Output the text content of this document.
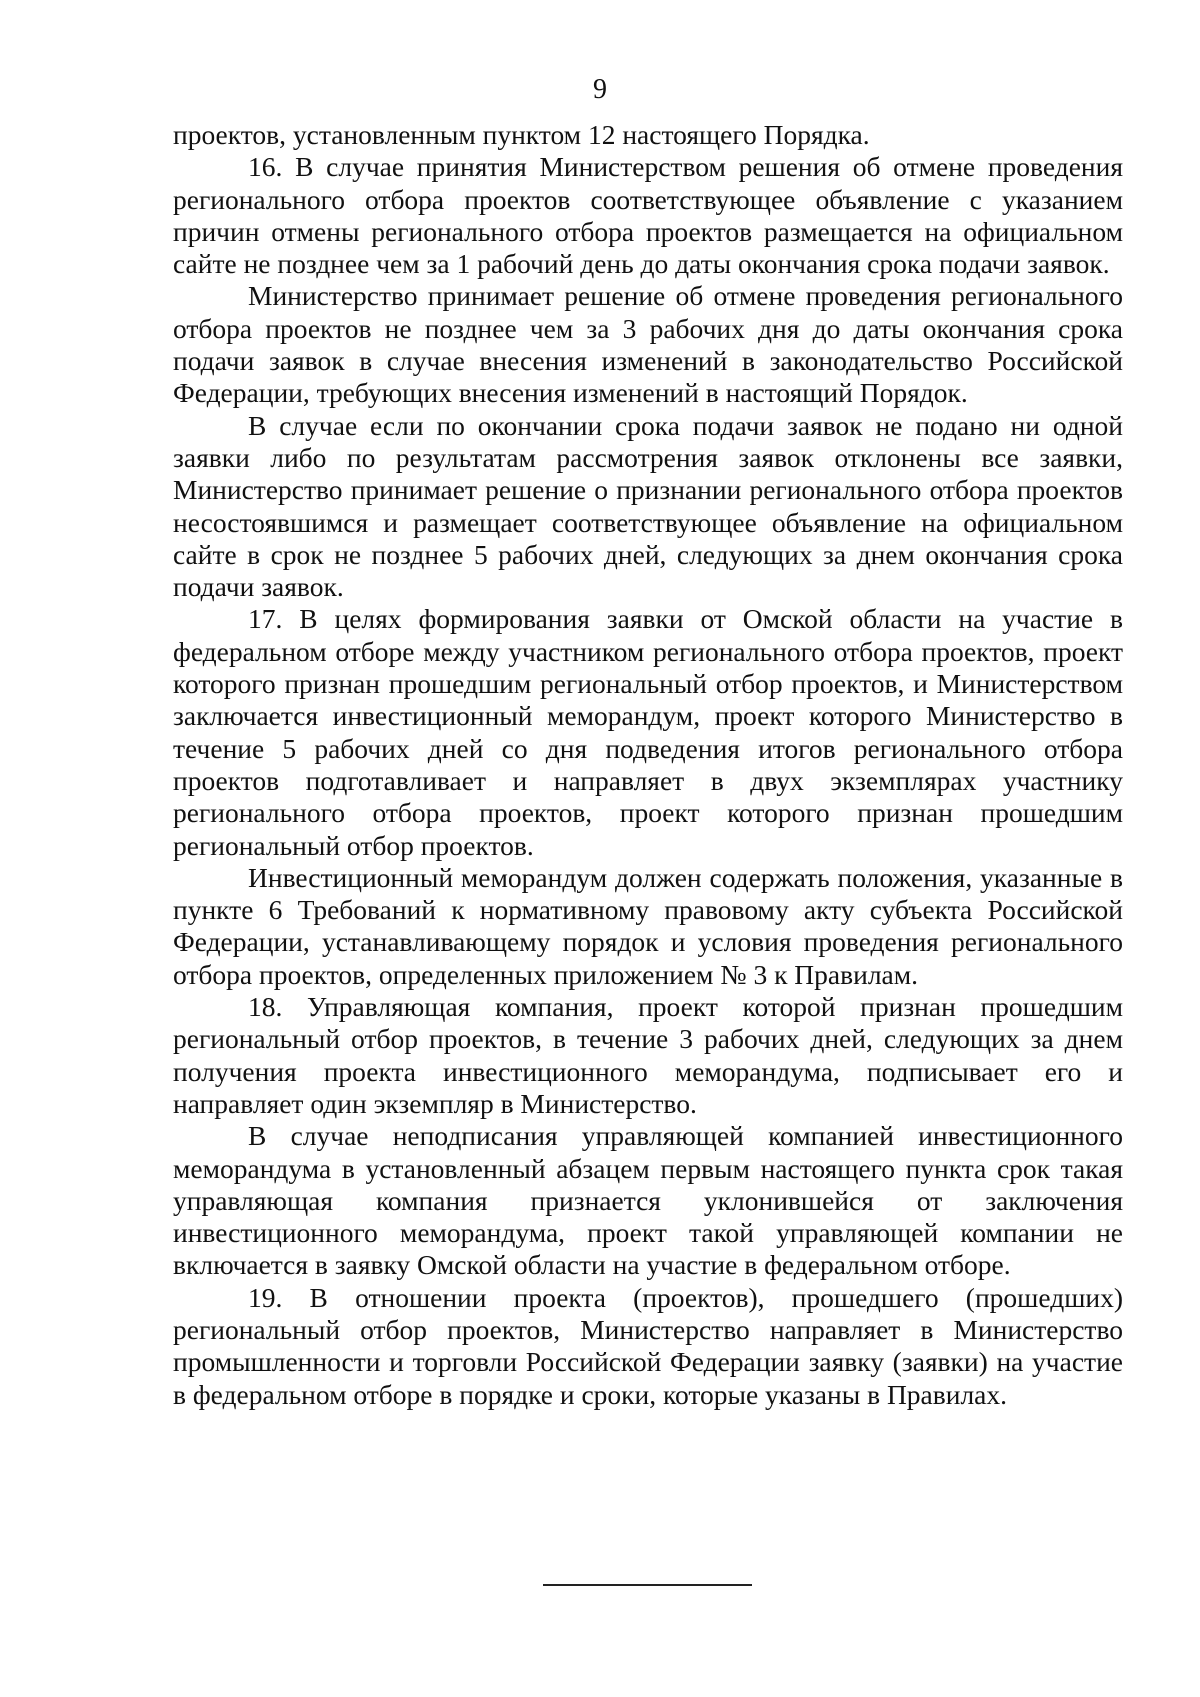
9

проектов, установленным пунктом 12 настоящего Порядка.

16. В случае принятия Министерством решения об отмене проведения регионального отбора проектов соответствующее объявление с указанием причин отмены регионального отбора проектов размещается на официальном сайте не позднее чем за 1 рабочий день до даты окончания срока подачи заявок.

Министерство принимает решение об отмене проведения регионального отбора проектов не позднее чем за 3 рабочих дня до даты окончания срока подачи заявок в случае внесения изменений в законодательство Российской Федерации, требующих внесения изменений в настоящий Порядок.

В случае если по окончании срока подачи заявок не подано ни одной заявки либо по результатам рассмотрения заявок отклонены все заявки, Министерство принимает решение о признании регионального отбора проектов несостоявшимся и размещает соответствующее объявление на официальном сайте в срок не позднее 5 рабочих дней, следующих за днем окончания срока подачи заявок.

17. В целях формирования заявки от Омской области на участие в федеральном отборе между участником регионального отбора проектов, проект которого признан прошедшим региональный отбор проектов, и Министерством заключается инвестиционный меморандум, проект которого Министерство в течение 5 рабочих дней со дня подведения итогов регионального отбора проектов подготавливает и направляет в двух экземплярах участнику регионального отбора проектов, проект которого признан прошедшим региональный отбор проектов.

Инвестиционный меморандум должен содержать положения, указанные в пункте 6 Требований к нормативному правовому акту субъекта Российской Федерации, устанавливающему порядок и условия проведения регионального отбора проектов, определенных приложением № 3 к Правилам.

18. Управляющая компания, проект которой признан прошедшим региональный отбор проектов, в течение 3 рабочих дней, следующих за днем получения проекта инвестиционного меморандума, подписывает его и направляет один экземпляр в Министерство.

В случае неподписания управляющей компанией инвестиционного меморандума в установленный абзацем первым настоящего пункта срок такая управляющая компания признается уклонившейся от заключения инвестиционного меморандума, проект такой управляющей компании не включается в заявку Омской области на участие в федеральном отборе.

19. В отношении проекта (проектов), прошедшего (прошедших) региональный отбор проектов, Министерство направляет в Министерство промышленности и торговли Российской Федерации заявку (заявки) на участие в федеральном отборе в порядке и сроки, которые указаны в Правилах.
